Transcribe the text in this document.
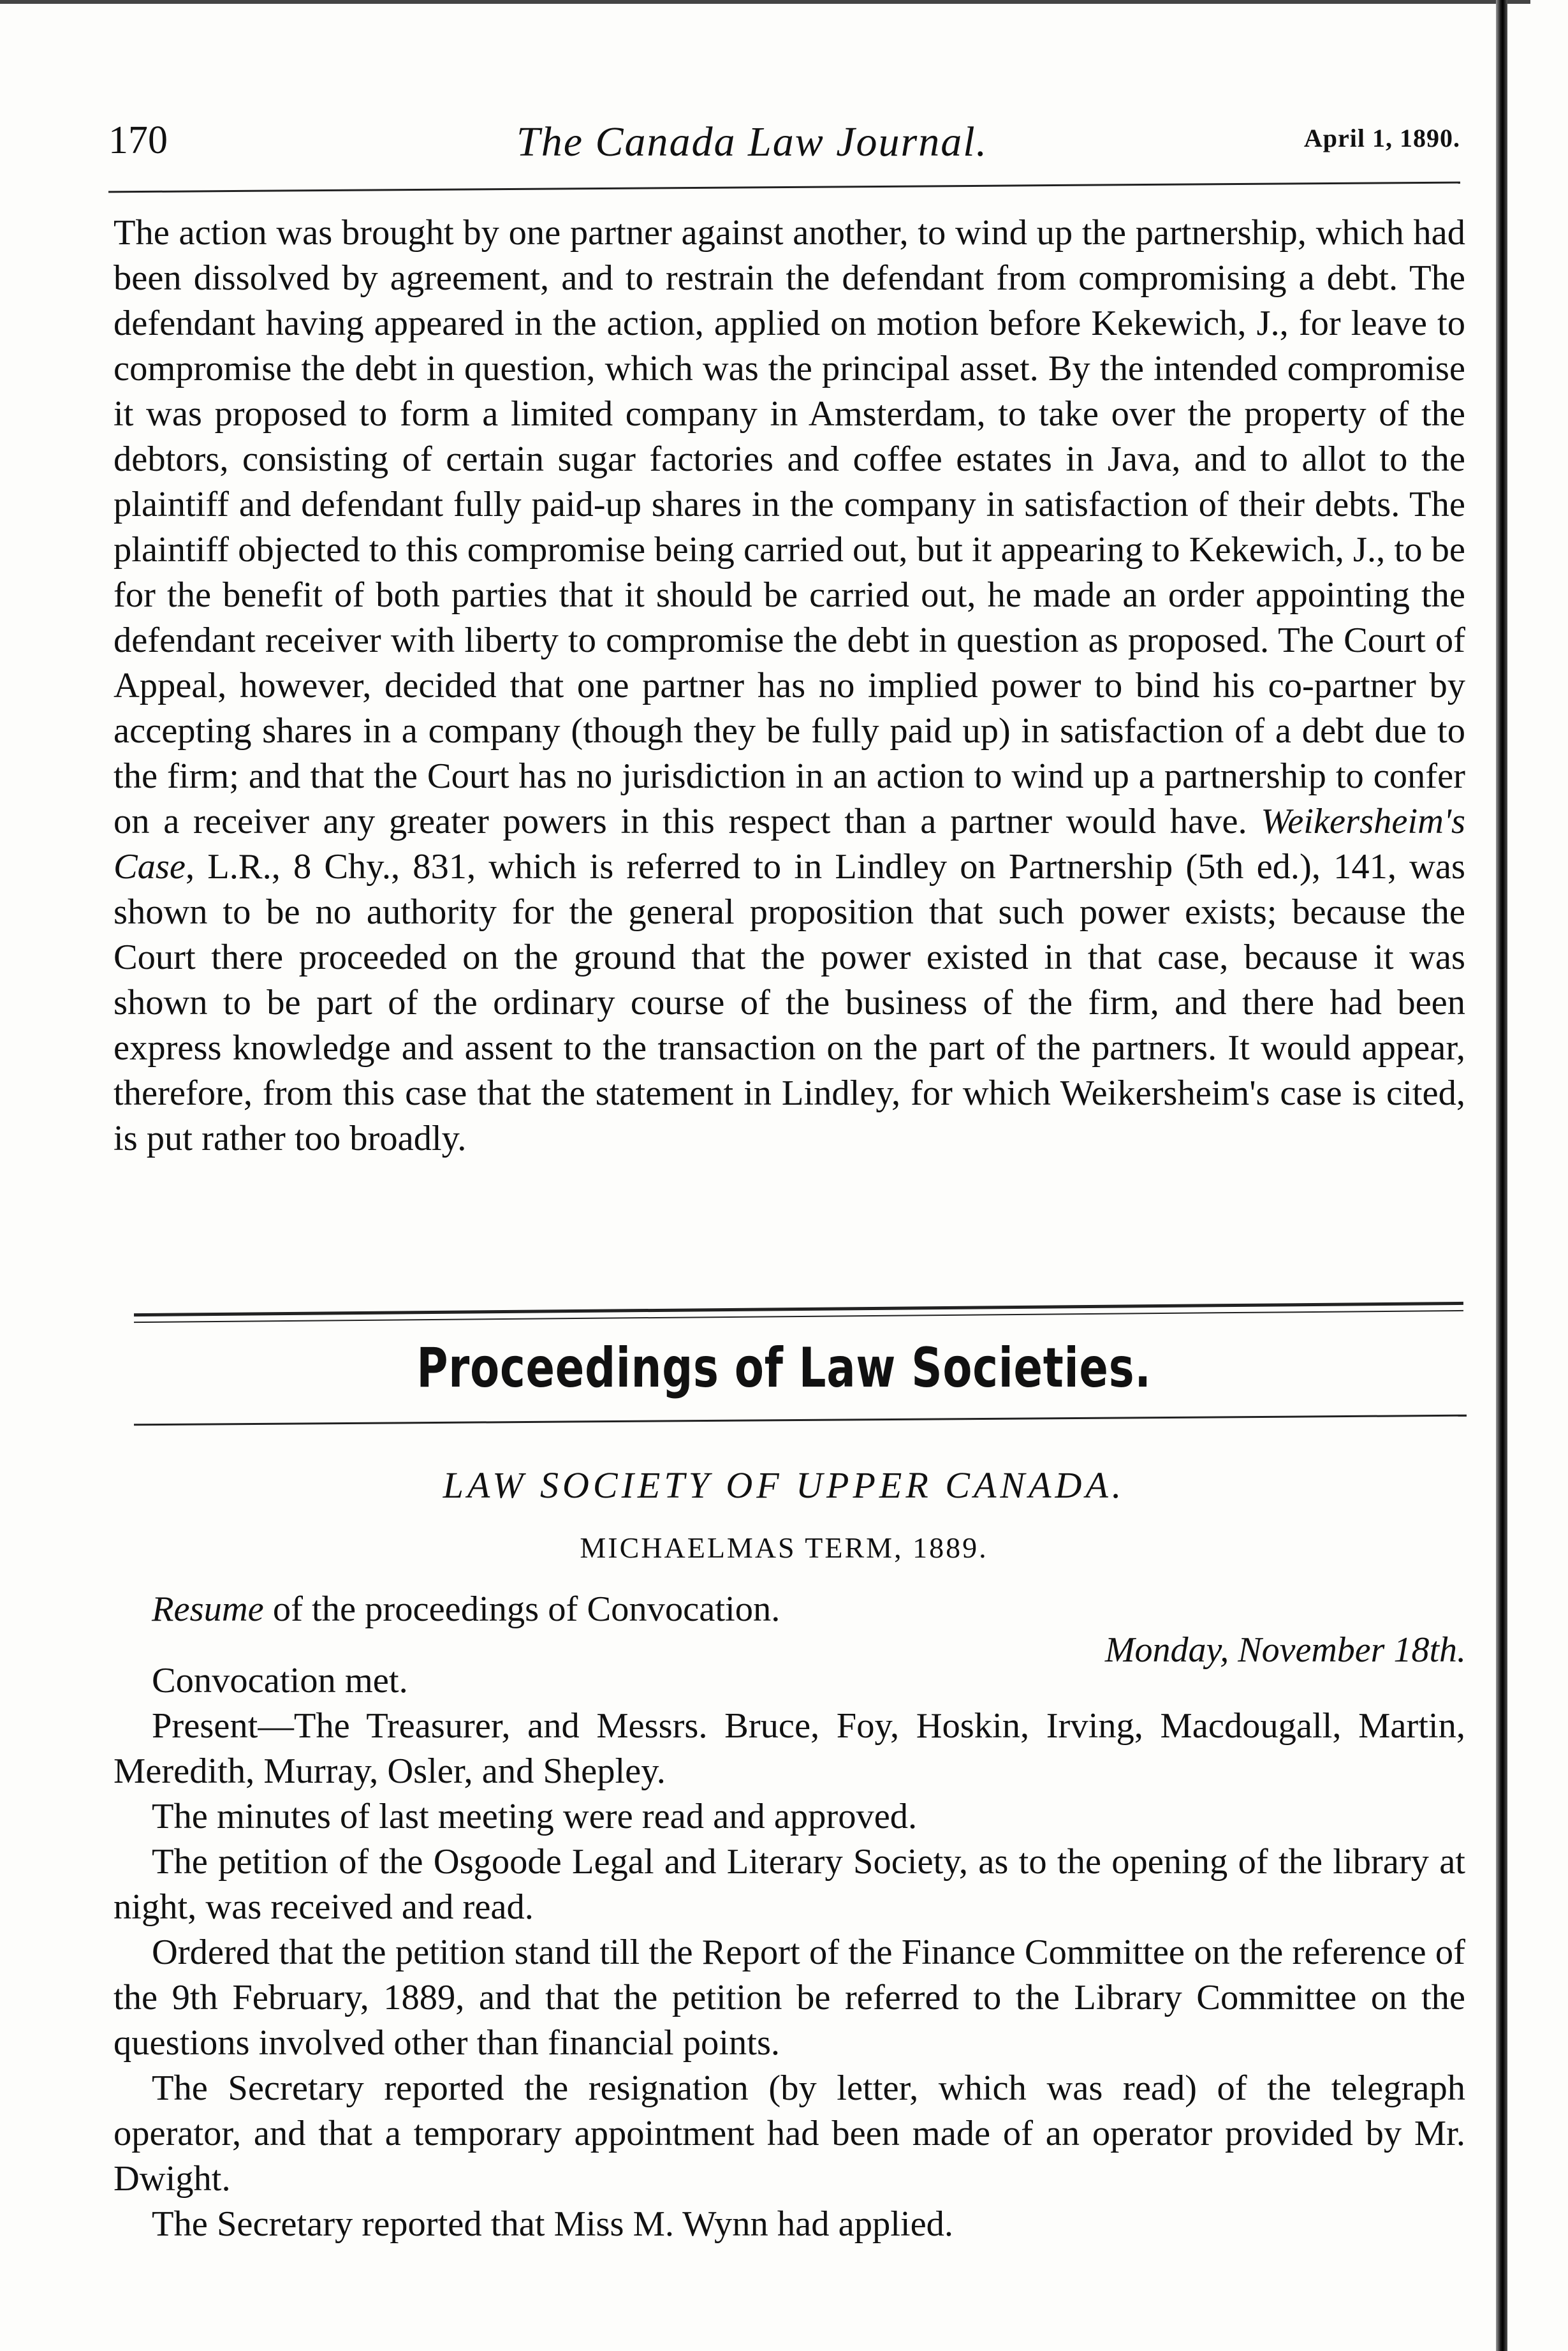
170	The Canada Law Journal.	April 1, 1890.

The action was brought by one partner against another, to wind up the partnership, which had been dissolved by agreement, and to restrain the defendant from compromising a debt. The defendant having appeared in the action, applied on motion before Kekewich, J., for leave to compromise the debt in question, which was the principal asset. By the intended compromise it was proposed to form a limited company in Amsterdam, to take over the property of the debtors, consisting of certain sugar factories and coffee estates in Java, and to allot to the plaintiff and defendant fully paid-up shares in the company in satisfaction of their debts. The plaintiff objected to this compromise being carried out, but it appearing to Kekewich, J., to be for the benefit of both parties that it should be carried out, he made an order appointing the defendant receiver with liberty to compromise the debt in question as proposed. The Court of Appeal, however, decided that one partner has no implied power to bind his co-partner by accepting shares in a company (though they be fully paid up) in satisfaction of a debt due to the firm; and that the Court has no jurisdiction in an action to wind up a partnership to confer on a receiver any greater powers in this respect than a partner would have. Weikersheim's Case, L.R., 8 Chy., 831, which is referred to in Lindley on Partnership (5th ed.), 141, was shown to be no authority for the general proposition that such power exists; because the Court there proceeded on the ground that the power existed in that case, because it was shown to be part of the ordinary course of the business of the firm, and there had been express knowledge and assent to the transaction on the part of the partners. It would appear, therefore, from this case that the statement in Lindley, for which Weikersheim's case is cited, is put rather too broadly.

Proceedings of Law Societies.
LAW SOCIETY OF UPPER CANADA.
MICHAELMAS TERM, 1889.

Resume of the proceedings of Convocation.

Monday, November 18th.

Convocation met.

Present—The Treasurer, and Messrs. Bruce, Foy, Hoskin, Irving, Macdougall, Martin, Meredith, Murray, Osler, and Shepley.

The minutes of last meeting were read and approved.

The petition of the Osgoode Legal and Literary Society, as to the opening of the library at night, was received and read.

Ordered that the petition stand till the Report of the Finance Committee on the reference of the 9th February, 1889, and that the petition be referred to the Library Committee on the questions involved other than financial points.

The Secretary reported the resignation (by letter, which was read) of the telegraph operator, and that a temporary appointment had been made of an operator provided by Mr. Dwight.

The Secretary reported that Miss M. Wynn had applied.
